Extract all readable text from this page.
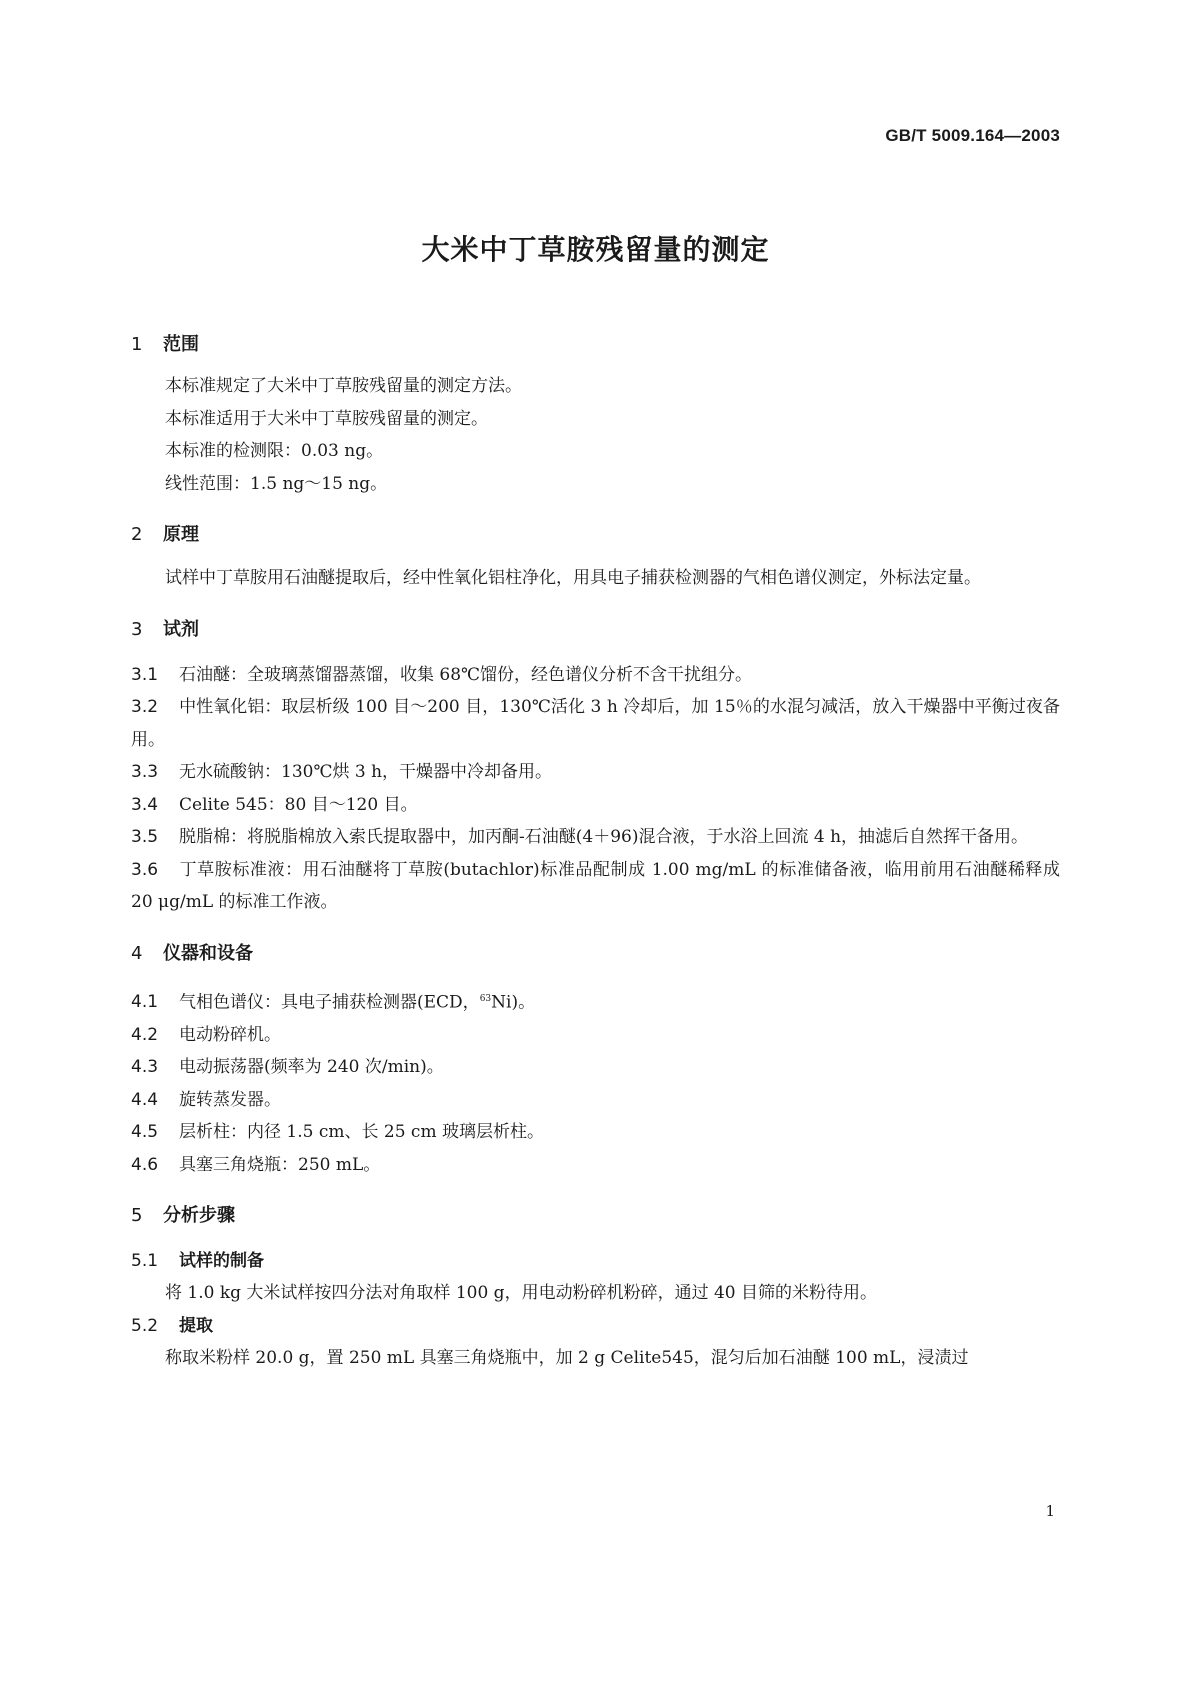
GB/T 5009.164—2003
大米中丁草胺残留量的测定

1 范围

本标准规定了大米中丁草胺残留量的测定方法。

本标准适用于大米中丁草胺残留量的测定。

本标准的检测限：0.03 ng。

线性范围：1.5 ng～15 ng。

2 原理

试样中丁草胺用石油醚提取后，经中性氧化铝柱净化，用具电子捕获检测器的气相色谱仪测定，外标法定量。

3 试剂

3.1 石油醚：全玻璃蒸馏器蒸馏，收集 68℃馏份，经色谱仪分析不含干扰组分。

3.2 中性氧化铝：取层析级 100 目～200 目，130℃活化 3 h 冷却后，加 15％的水混匀减活，放入干燥器中平衡过夜备用。

3.3 无水硫酸钠：130℃烘 3 h，干燥器中冷却备用。

3.4 Celite 545：80 目～120 目。

3.5 脱脂棉：将脱脂棉放入索氏提取器中，加丙酮-石油醚(4＋96)混合液，于水浴上回流 4 h，抽滤后自然挥干备用。

3.6 丁草胺标准液：用石油醚将丁草胺(butachlor)标准品配制成 1.00 mg/mL 的标准储备液，临用前用石油醚稀释成 20 μg/mL 的标准工作液。

4 仪器和设备

4.1 气相色谱仪：具电子捕获检测器(ECD，$^{63}$Ni)。

4.2 电动粉碎机。

4.3 电动振荡器(频率为 240 次/min)。

4.4 旋转蒸发器。

4.5 层析柱：内径 1.5 cm、长 25 cm 玻璃层析柱。

4.6 具塞三角烧瓶：250 mL。

5 分析步骤

5.1 试样的制备

将 1.0 kg 大米试样按四分法对角取样 100 g，用电动粉碎机粉碎，通过 40 目筛的米粉待用。

5.2 提取

称取米粉样 20.0 g，置 250 mL 具塞三角烧瓶中，加 2 g Celite545，混匀后加石油醚 100 mL，浸渍过

1
